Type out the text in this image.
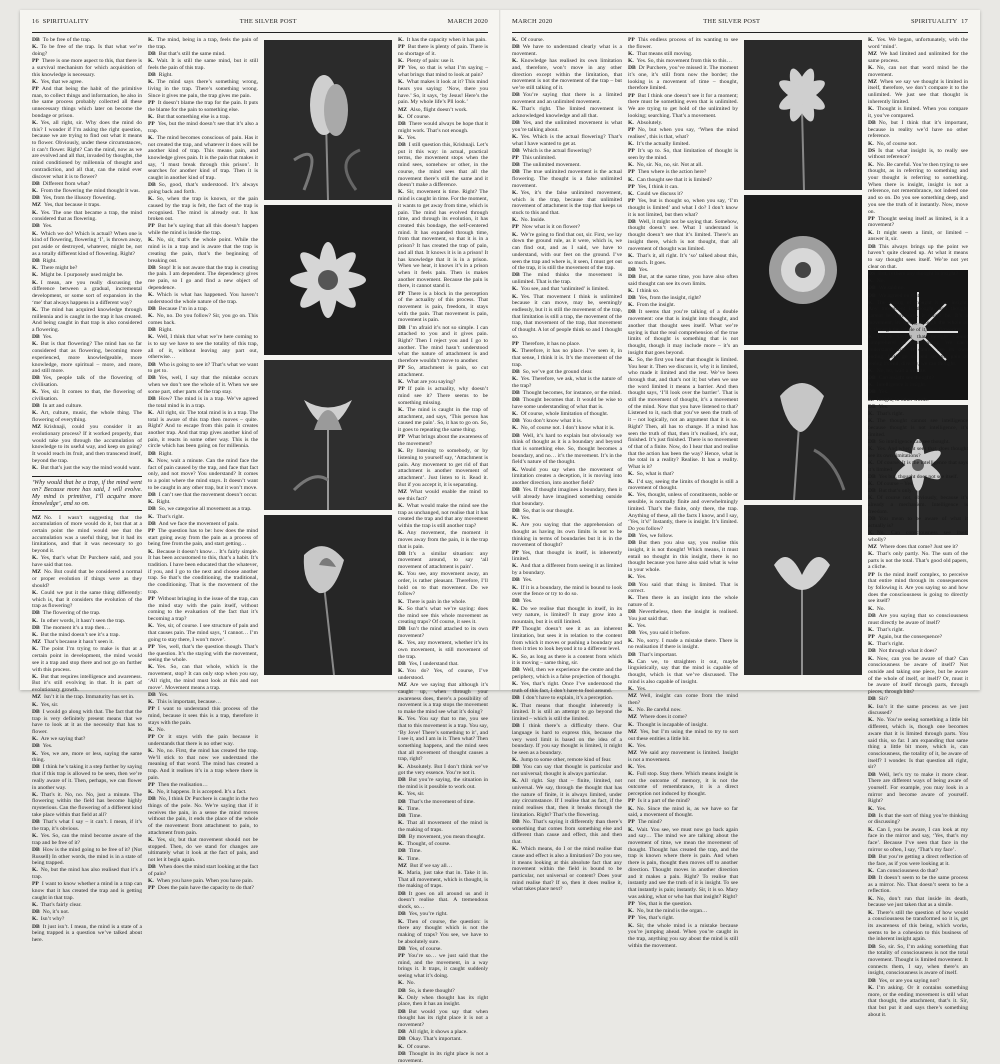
16 SPIRITUALITY	THE SILVER POST	MARCH 2020

DB To be free of the trap.

K. To be free of the trap. Is that what we’re doing?

PP There is one more aspect to this, that there is a survival mechanism for which acquisition of this knowledge is necessary.

K. Yes, that we agree.

PP And that being the habit of the primitive man, to collect things and information, he also in the same process probably collected all these unnecessary things which later on become the bondage or prison.

K. Yes, all right, sir. Why does the mind do this? I wonder if I’m asking the right question, because we are trying to find out what it means to flower. Obviously, under these circumstances, it can’t flower. Right? Can the mind, now as we are evolved and all that, invaded by thoughts, the mind conditioned by millennia of thought and contradiction, and all that, can the mind ever discover what it is to flower?

DB Different from what?

K. From the flowering the mind thought it was.

DB Yes, from the illusory flowering.

MZ Yes, that because it traps.

K. Yes. The one that became a trap, the mind considered that as flowering.

DB Yes.

K. Which we do? Which is actual? When one is kind of flowering, flowering ‘I’, is thrown away, put aside or destroyed, whatever, might be, not as a totally different kind of flowering. Right?

DB Right.

K. There might be?

K. Might be. I purposely used might be.

K. I mean, are you really discussing the difference between a gradual, incremental development, or some sort of expansion in the ‘me’ that always happens in a different way?

K. The mind has acquired knowledge through millennia and is caught in the trap it has created. And being caught in that trap is also considered a flowering.

DB Yes.

K. But is that flowering? The mind has so far considered that as flowering, becoming more experienced, more knowledgeable, more knowledge, more spiritual – more, and more, and still more.

DB Yes, people talk of the flowering of civilisation.

K. Yes, sir. It comes to that, the flowering of civilisation.

DB In art and culture.

K. Art, culture, music, the whole thing. The flowering of everything.

MZ Krishnaji, could you consider it an evolutionary process? If it worked properly, that would take you through the accumulation of knowledge to its useful way, and keep on going? It would reach its fruit, and then transcend itself, beyond the trap.

K. But that’s just the way the mind would want.

‘Why would that be a trap, if the mind went on? Because more has said, I will evolve. My mind is primitive, I’ll acquire more knowledge’, and so on.

MZ No. I wasn’t suggesting that the accumulation of more would do it, but that at a certain point the mind would see that the accumulation was a useful thing, but it had its limitations, and that it was necessary to go beyond it.

K. Yes, that’s what Dr Purchere said, and you have said that too.

MZ No. But could that be considered a normal or proper evolution if things were as they should?

K. Could we put it the same thing differently: which is, that it considers the evolution of the trap as flowering?

DB The flowering of the trap.

K. In other words, it hasn’t seen the trap.

DB The moment it’s a trap then…

K. But the mind doesn’t see it’s a trap.

MZ That’s because it hasn’t seen it.

K. The point I’m trying to make is that at a certain point in development, the mind would see it a trap and stop there and not go on further with this process.

K. But that requires intelligence and awareness. But it’s still evolving in that. It is part of evolutionary growth.

MZ Isn’t it in the trap. Immaturity has set in.

K. Yes, sir.

DB I would go along with that. The fact that the trap is very definitely present means that we have to look at it as the necessity that has to flower.

K. Are we saying that?

DB Yes.

K. Yes, we are, more or less, saying the same thing.

DB I think he’s taking it a step further by saying that if this trap is allowed to be seen, then we’re really aware of it. Then, perhaps, we can flower in another way.

K. That’s it. No, no. No, just a minute. The flowering within the field has become highly mysterious. Can the flowering of a different kind take place within that field at all?

DB That’s what I say – it can’t. I mean, if it’s the trap, it’s obvious.

K. Yes. So, can the mind become aware of the trap and be free of it?

DB How is the mind going to be free of it? (Not Russell) In other words, the mind is in a state of being trapped.

K. No, but the mind has also realised that it’s a trap.

PP I want to know whether a mind in a trap can know that it has created the trap and is getting caught in that trap.

K. That’s fairly clear.

DB No, it’s not.

K. Isn’t why?

DB It just isn’t. I mean, the mind is a state of a being trapped is a question we’ve talked about here.

K. The mind, being in a trap, feels the pain of the trap.

DB But that’s still the same mind.

K. Wait. It is still the same mind, but it still feels the pain of this trap.

DB Right.

K. The mind says there’s something wrong, living in the trap. There’s something wrong. Since it gives me pain, the trap gives me pain.

PP It doesn’t blame the trap for the pain. It puts the blame for the pain to something else.

K. But that something else is a trap.

PP Yes, but the mind doesn’t see that it’s also a trap.

K. The mind becomes conscious of pain. Has it not created the trap, and whatever it does will be another kind of trap. This means pain, and knowledge gives pain. It is the pain that makes it say, ‘I must break through this prison’. It searches for another kind of trap. Then it is caught in another kind of trap.

DB So, good, that’s understood. It’s always going back and forth.

K. So, when the trap is known, or the pain caused by the trap is felt, the fact of the trap is recognised. The mind is already out. It has broken out.

PP But he’s saying that all this doesn’t happen while the mind is inside the trap.

K. No, sir, that’s the whole point. While the mind is in a trap and is aware that the trap is creating the pain, that’s the beginning of breaking out.

DB Stop! It is not aware that the trap is creating the pain. I am dependent. The dependency gives me pain, so I go and find a new object of dependence.

K. Which is what has happened. You haven’t understood the whole nature of the trap.

DB Because I’m in a trap.

K. No, no. Do you follow? Sir, you go on. This comes back.

DB Right.

K. Well, I think that what we’re here coming to is to say we have to see the totality of this trap, all of it, without leaving any part out, otherwise…

DB Who is going to see it? That’s what we want to get to.

DB Yes, well, I say that the mistake occurs when we don’t see the whole of it. When we see some part, other parts of the trap stay.

DB How? The mind is in a trap. We’ve agreed the total mind is in a trap.

K. All right, sir. The total mind is in a trap. The total is aware of this trap then moves – quite. Right? And to escape from this pain it creates another trap. And that trap gives another kind of pain, it reacts in some other way. This is the circle which has been going on for millennia.

DB Right.

K. Now, wait a minute. Can the mind face the fact of pain caused by the trap, and face that fact only, and not move? You understand? It comes to a point where the mind stays. It doesn’t want to be caught in any other trap, but it won’t move.

DB I can’t see that the movement doesn’t occur.

K. Right.

DB So, we categorise all movement as a trap.

K. That’s right.

DB And we face the movement of pain.

PP The question has to be: how does the mind start going away from the pain as a process of being free from the pain, and start getting…

K. Because it doesn’t know… It’s fairly simple. It has been accustomed to this, that’s a habit. It’s tradition. I have been educated that the whatever, if you, and I go to the next and choose another trap. So that’s the conditioning, the traditional, the conditioning. That is the movement of the trap.

PP Without bringing in the issue of the trap, can the mind stay with the pain itself, without coming to the evaluation of the fact that it’s becoming a trap?

K. Yes, sir, of course. I see structure of pain and that causes pain. The mind says, ‘I cannot… I’m going to stay there, I won’t move’.

PP Yes, well, that’s the question though. That’s the question. It’s the staying with the movement, seeing the whole.

K. Yes. So, can that whole, which is the movement, stop? It can only stop when you say, ‘All right, the mind must look at this and not move’. Movement means a trap.

DB Yes.

K. This is important, because…

PP I want to understand this process of the mind, because it sees this is a trap, therefore it stays with the pain.

K. No.

PP Or it stays with the pain because it understands that there is no other way.

K. No, no. First, the mind has created the trap. We’ll stick to that now we understand the meaning of that word. The mind has created a trap. And it realises it’s in a trap where there is pain.

PP Then the realisation…

K. No, it happens. It is accepted. It’s a fact.

DB No, I think Dr Purchere is caught in the two things of the pole. No. We’re saying that if it receives the pain, in a sense the mind moves without the pain, it ends the place of the whole of the movement from attachment to pain, to attachment from pain.

K. Yes, sir, but that movement should not be stopped. Then, do we stand for changes are ultimately what it look at the fact of pain, and not let it begin again.

DB When does the mind start looking at the fact of pain?

K. When you have pain. When you have pain.

PP Does the pain have the capacity to do that?

K. It has the capacity when it has pain.

PP But there is plenty of pain. There is no shortage of it.

K. Plenty of pain: use it.

PP Yes, so that is what I’m saying – what brings that mind to look at pain?

K. What makes it look at it? This mind hears you saying: ‘Now, there you have.’ So, it says, ‘by Jesus! Here’s the pain. My whole life’s Pll look.’

MZ Also, flight doesn’t work.

K. Of course.

DB There would always be hope that it might work. That’s not enough.

K. Yes.

DB I still question this, Krishnaji. Let’s put it this way: in actual, practical terms, the movement stops when the mind sees, somehow or other, in the course, the mind sees that all the movement there’s still the same and it doesn’t make a difference.

K. Sir, movement is time. Right? The mind is caught in time. For the moment, it wants to get away from time, which is pain. The mind has evolved through time, and through its evolution, it has created this bondage, the self-centered mind. It has expanded through time, from that movement, so that it is in a prison? It has created the trap of pain, and all that. It knows it is in a prison! It has knowledge that it is in a prison. When we hear, it knows it’s in a prison when it feels pain. Then is makes another movement. Because the pain is there, it cannot stand it.

PP There is a block in the perception of the actuality of this process. That movement is pain, freedom, it stays with the pain. That movement is pain, movement is pain.

DB I’m afraid it’s not so simple. I can attached to you and it gives pain. Right? Then I reject you and I go to another. The mind hasn’t understood what the nature of attachment is and therefore wouldn’t move to another.

PP So, attachment is pain, so cut attachment.

K. What are you saying?

PP If pain is actuality, why doesn’t mind see it? There seems to be something missing.

K. The mind is caught in the trap of attachment, and says, ‘This person has caused me pain’. So, it has to go on. So, it goes to repeating the same thing.

PP What brings about the awareness of the movement?

K. By listening to somebody, or by listening to yourself say, ‘Attachment is pain. Any movement to get rid of that attachment is another movement of attachment’. Just listen to it. Read it. But if you accept it, it is separating.

MZ What would enable the mind to see this fact?

K. What would make the mind see the trap as unchanged, not realise that it has created the trap and that any movement within the trap is still another trap?

K. Any movement, the moment it moves away from the pain, it is the trap that is pain.

DB It’s a similar situation: any movement around, to say ‘all movement of attachment is pain’.

K. You see, any movement away, an order, is rather pleasant. Therefore, I’ll hold on to that movement. Do we follow?

K. There is pain in the whole.

K. So that’s what we’re saying: does the mind see this whole movement as creating traps? Of course, it sees it.

DB Isn’t the mind attached to its own movement?

K. Yes, any movement, whether it’s its own movement, is still movement of the trap.

DB Yes, I understand that.

K. You do? Yes, of course, I’ve understood.

MZ Are we saying that although it’s caught up, when through your awareness does, there’s a possibility of movement is a trap stops the movement to make the mind see what it’s doing?

K. Yes. You say that to me, you see that to this movement is a trap. You say, ‘By Jove! There’s something to it’, and I see it, and I am in it. Then what? Then something happens, and the mind sees that all movement of thought causes a trap, right?

K. Absolutely. But I don’t think we’ve got the very essence. You’re not it.

DB But you’re saying, the situation in the mind is it possible to work out.

K. Yes, sir.

DB That’s the movement of time.

K. Time.

DB Time.

K. That all movement of the mind is the making of traps.

DB By movement, you mean thought.

K. Thought, of course.

DB Time.

K. Time.

MZ But if we say all…

K. Maria, just take that in. Take it in. That all movement, which is thought, is the making of traps.

DB It goes on all around us and it doesn’t realise that. A tremendous shock, so…

DB Yes, you’re right.

K. Then of course, the question: is there any thought which is not the making of traps? You see, we have to be absolutely sure.

DB Yes, of course.

PP You’re so… we just said that the mind, and the movement, in a way brings it. It traps, it caught suddenly seeing what it’s doing.

K. No.

DB So, is there thought?

K. Only when thought has its right place, then it has an insight.

DB But would you say that when thought has its right place it is not a movement?

DB All right, it shows a place.

DB Okay. That’s important.

K. Of course.

DB Thought in its right place is not a movement.

MARCH 2020	THE SILVER POST	SPIRITUALITY 17

K. Of course.

DB We have to understand clearly what is a movement.

K. Knowledge has realised its own limitation and, therefore, won’t move in any other direction except within the limitation, that movement is not the movement of the trap – but we’re still talking of it.

DB You’re saying that there is a limited movement and an unlimited movement.

K. That’s right. The limited movement is acknowledged knowledge and all that.

DB Yes, and the unlimited movement is what you’re talking about.

K. Yes. Which is the actual flowering? That’s what I have wanted to get at.

DB Which is the actual flowering?

PP This unlimited.

DB The unlimited movement.

DB The true unlimited movement is the actual flowering. The thought is a false unlimited movement.

K. Yes, it’s the false unlimited movement, which is the trap, because that unlimited movement of attachment is the trap that keeps us stuck to this and that.

K. No. Inside.

PP Now what is it on flower?

K. We’re going to find that out, sir. First, we lay down the ground rule, as it were, which is, we can find out, and as I said, we have to understand, with our feet on the ground. I’ve seen the trap and where is, it seen, I must get out of the trap, it is still the movement of the trap.

DB The mind thinks the movement is unlimited. That is the trap.

K. You see, and that ‘unlimited’ is limited.

K. Yes. That movement I think is unlimited because it can move, may be, seemingly endlessly, but it is still the movement of the trap, that limitation is still a trap, the movement of the trap, that movement of the trap, that movement of thought. A lot of people think so and I thought so.

PP Therefore, it has no place.

K. Therefore, it has no place. I’ve seen it, in that sense, I think it is. It’s the movement of the trap.

DB So, we’ve got the ground clear.

K. Yes. Therefore, we ask, what is the nature of the trap?

DB Thought becomes, for instance, or the mind.

DB Thought becomes that. It would be wise to have some understanding of what that is.

K. Of course, whole limitation of thought.

DB You don’t know what it is.

K. No, of course not. I don’t know what it is.

DB Well, it’s hard to explain but obviously we think of thought as it is a boundary and beyond that is something else. So, thought becomes a boundary, and no… it’s the movement. It’s in the field’s nature of the thought.

K. Would you say when the movement of limitation creates a deception, it is moving into another direction, into another field?

DB Yes. If thought imagines a boundary, then it will already have imagined something outside that boundary.

DB So, that is our thought.

K. Yes.

K. Are you saying that the apprehension of thought as having its own limits is not to be thinking in terms of boundaries but it is in the movement of thought?

PP Yes, that thought is itself, is inherently limited.

K. And that a different from seeing it as limited by a boundary.

DB Yes.

K. If it is a boundary, the mind is bound to look over the fence or try to do so.

DB Yes.

K. Do we realise that thought in itself, in its very nature, is limited? It may grow into a mountain, but it is still limited.

PP Thought doesn’t see it as an inherent limitation, but sees it in relation to the content from which it moves or pushing a boundary and then it tries to look beyond it to a different level.

K. So, as long as there is a content from which it is moving – same thing, sir.

DB Well, then we experience the centre and the periphery, which is a false projection of thought.

K. Yes, that’s right. Once I’ve understood the truth of this fact, I don’t have to fool around.

DB I don’t have to explain, it’s a perception.

K. That means that thought inherently is limited. It is still an attempt to go beyond the limited – which is still the limited.

DB I think there’s a difficulty there. Our language is hard to express this, because the very word limit is based on the idea of a boundary. If you say thought is limited, it might be seen as a boundary.

K. Jump to some other, remote kind of fear.

DB You can say that thought is particular and not universal; thought is always particular.

K. All right. Say that – finite, limited, not universal. We say, through the thought that has the nature of finite, it is always limited, under any circumstance. If I realise that as fact, if the mind realises that, then it breaks through the limitation. Right? That’s the flowering.

DB No. That’s saying it differently than there’s something that comes from something else and different than cause and effect, this and then that.

K. Which means, do I or the mind realise that cause and effect is also a limitation? Do you see, it means looking at this absolute fact that any movement within the field is bound to be particular, not universal or content? Does your mind realise that? If so, then it does realise it, what takes place next?

PP This endless process of its wanting to see the flower.

K. That means still moving.

K. Yes. So, this movement from this to this…

DB Dr Purchere, you’ve missed it. The moment it’s one, it’s still from now the border; the looking is a movement of time – thought, therefore limited.

PP But I think one doesn’t see it for a moment; there must be something even that is unlimited. We are trying to get hold of the unlimited by looking; searching. That’s a movement.

K. Absolutely.

PP No, but when you say, ‘When the mind realises’, this is that, what?

K. It’s the actually limited.

PP It’s up to. So, that limitation of thought is seen by the mind.

K. No, sir. No, no, sir. Not at all.

PP Then where is the action here?

K. Can thought see that it is limited?

PP Yes, I think it can.

K. Could we discuss it?

PP Yes, but is thought so, when you say, ‘I’m thought is limited’ and what I do? I don’t know it is not limited, but then what?

DB Well, it might not be saying that. Somehow, thought doesn’t see. What I understand is thought doesn’t see that it’s limited. There’s an insight there, which is not thought, that all movement of thought was limited.

K. That’s it, all right. It’s ‘so’ talked about this, so much. It goes.

DB Yes.

DB But, at the same time, you have also often said thought can see its own limits.

K. I think so.

DB Yes, from the insight, right?

K. From the insight.

DB It seems that you’re talking of a double movement: one that is insight into thought, and another that thought sees itself. What we’re saying is that the real comprehension of the true limits of thought is something that is not thought, though it may include more – it’s an insight that goes beyond.

K. So, the first you hear that thought is limited. You hear it. Then we discuss it, why it is limited, who made it limited and the rest. We’ve been through that, and that’s not it; but when we use the word limited it means a barrier. And then thought says, ‘I’ll look over the barrier’. That is still the movement of thought, it’s a movement of the mind. Now that you have listened to that? Listened to it, such that you’ve seen the truth of it – not logically, not an argument that it is so. Right? Then, all has to change. If a mind has seen the truth of that, then it’s realised, it’s out, finished. It’s just finished. There is no movement of that of a finite. Now, do I hear that and realise that the action has been the way? Hence, what is the total in a reality? Realise. It has a reality. What is it?

K. So, what is that?

K. I’d say, seeing the limits of thought is still a movement of thought.

K. Yes, thought, unless of constituents, noble or sensible, is normally finite and overwhelmingly limited. That’s the finite, only there, the trap. Anything of these, all the facts I know, and I say, ‘Yes, it’s!’ Instantly, there is insight. It’s limited. Do you follow?

DB Yes, we follow.

DB But then you also say, you realise this insight, it is not thought! Which means, it must entail no thought in this insight, there is no thought because you have also said what is wise in your whole.

K. Yes.

DB You said that thing is limited. That is correct.

K. Then there is an insight into the whole nature of it.

DB Nevertheless, then the insight is realised. You just said that.

K. Yes.

DB Yes, you said it before.

K. No, sorry. I made a mistake there. There is no realisation if there is insight.

DB That’s important.

K. Can we, to straighten it out, maybe linguistically, say that the mind is capable of thought, which is that we’ve discussed. The mind is also capable of insight.

K. Yes.

MZ Well, insight can come from the mind then?

K. No. Be careful now.

MZ Where does it come?

K. Thought is incapable of insight.

MZ Yes, but I’m using the mind to try to sort out these entities a little bit.

K. Yes.

MZ We said any movement is limited. Insight is not a movement.

K. Yes.

K. Full stop. Stay there. Which means insight is not the outcome of memory, it is not the outcome of remembrance, it is a direct perception not induced by thought.

PP Is it a part of the mind?

K. No. Since the mind is, as we have so far said, a movement of thought.

PP The mind?

K. Wait. You see, we must now go back again and say… The mind we are talking about the movement of time, we mean the movement of thought. Thought has created the trap, and the trap is known where there is pain. And when there is pain, thought then moves off to another direction. Thought moves in another direction and it makes a pain. Right? To realise that instantly and see the truth of it is insight. To see that instantly is pain; instantly. Sir, it is so. Mary was asking, what or who has that insight? Right?

PP Yes, that is the question.

K. No, but the mind is the organ…

PP Yes, that’s right.

K. Sir, the whole mind is a mistake because you’re jumping ahead. When you’re caught in the trap, anything you say about the mind is still within the movement.

K. Yes. We began, unfortunately, with the word ‘mind’.

MZ We had limited and unlimited for the same process.

K. No, can not that word mind be the movement.

MZ When we say we thought is limited in itself, therefore, we don’t compare it to the unlimited. We just see that thought is inherently limited.

K. Thought is limited. When you compare it, you’ve compared.

DB No, but I think that it’s important, because in reality we’d have no other reference.

K. No, of course not.

DS Is that what insight is, to really see without reference?

K. No. Be careful. You’re then trying to see thought, as in referring to something and your thought is referring to something. When there is insight, insight is not a reference, not remembrance, not indeed one and so on. Do you see something deep, and you see the truth of it instantly. Now, move on.

PP Thought seeing itself as limited, is it a movement?

K. It might seem a limit, or limited – answer it, sir.

DB This always brings up the point we haven’t quite cleared up. At what it means to say thought sees itself. We’re not yet clear on that.

DS But, is there any thought in insight?

K. No.

DB We said no.

DB We agreed on that.

K. The ending of thought is the insight. Any movement is thought, and thought cannot be flowering. It might be. It’s a movement, its seeing through the whole of it, through the whole of it, then flowering.

K. You’re saying that thought cannot comprehend its own ending. We can’t understand that. It cannot see its own ending. Let’s go on and see the pain of seeing its end, directly, we can thought.

K. No, no, wait a minute.

DB Can insight see thought?

K. Intelligence is insight.

DB Yes.

K. Insight, in other words.

DB Yes.

K. That’s right.

K. The thought cannot see intelligence because thought is not intelligence, it’s limited.

DB So intelligence can see thought.

K. Yes. And when it sees that, does thought see its own limitations?

K. Of course. It is the intelligence that says it’s limited.

DB Yes but, thought does not see itself.

K. Of course – Yes.

DB But that’s only.

K. Of course not, obviously, because it’s already a mechanism. Intelligence is freedom.

DB You mean to be aware of what it actually is?

K. No. Can consciousness see itself wholly?

MZ Where does that come? Just see it?

K. That’s only partly. No. The sum of the parts is not the total. That’s good old papers, a cliche.

PP Is the mind itself complex, to perceive that entire mind through its consequences by following it. Are you saying so and how does the consciousness is going to directly see itself?

K. No.

DB Are you saying that so consciousness must directly be aware of itself?

K. That’s right.

PP Again, but the consequence?

K. That’s right.

DB Not through what it does?

K. Now, can you be aware of that? Can consciousness be aware of itself? Not outside and taking one piece, but be aware of the whole of itself, or itself? Or, must it be aware of itself through parts, through pieces, through bits?

DB Sir?

K. Isn’t it the same process as we just discussed?

K. No. You’re seeing something a little bit different, which is, though one becomes aware that it is limited through parts. You said this, so far. I am expanding that same thing a little bit more, which is, can consciousness, the totality of it, be aware of itself? I wonder. Is that question all right, sir?

DB Well, let’s try to make it more clear. There are different ways of being aware of yourself. For example, you may look in a mirror and become aware of yourself. Right?

K. Yes.

DB Is that the sort of thing you’re thinking or discussing?

K. Can I, you be aware, I can look at my face in the mirror and say, ‘Yes, that’s my face’. Because I’ve seen that face in the mirror so often, I say, ‘That’s my face’.

DB But you’re getting a direct reflection of the face, as if you were looking at it.

K. Can consciousness do that?

DB It doesn’t seem to be the same process as a mirror. No. That doesn’t seem to be a reflection.

K. No, don’t run that inside its death, because we just taken that as a simile.

K. There’s still the question of how would a consciousness be transformed so it is, get its awareness of this being, which works, seems to be a cohesion to this business of the inherent insight again.

DB So, sir. So, I’m asking something that the totality of consciousness is not the total movement. Thought is limited movement. It connects them, I say, when there’s an insight, consciousness is aware of itself.

DB Yes, or are you saying not?

K. I’m asking. Or it contains something more, or the ending movement is still what that thought, the attachment, that’s it. Sir, that but put it and says there’s something about it.
